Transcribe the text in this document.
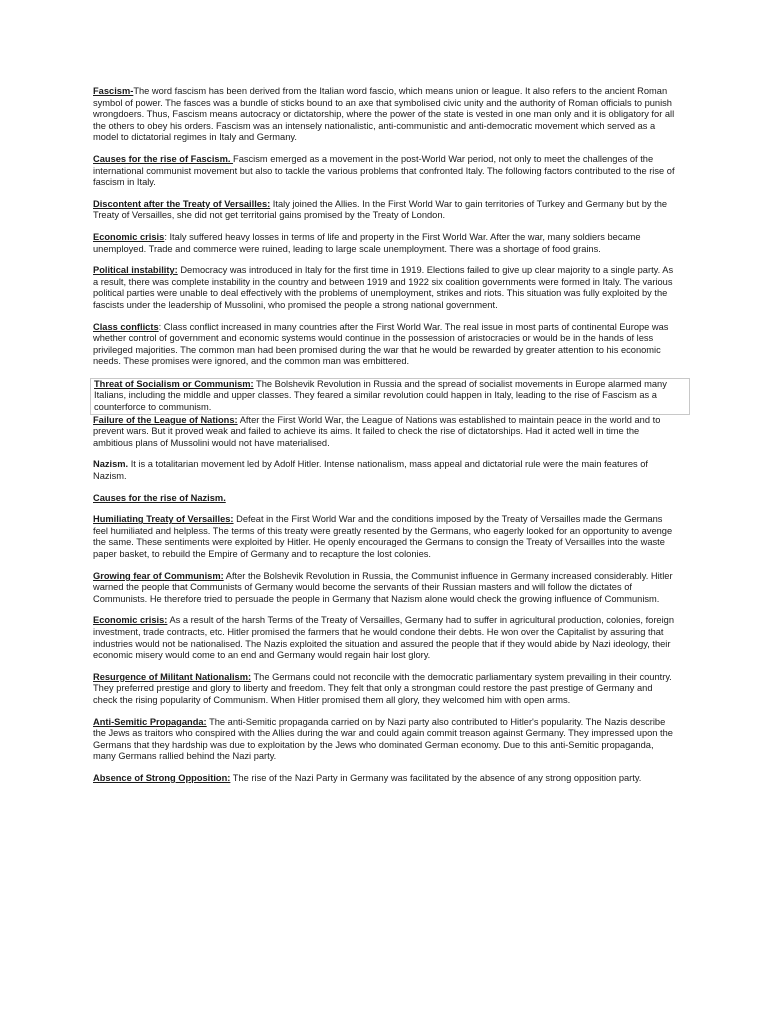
Fascism-The word fascism has been derived from the Italian word fascio, which means union or league. It also refers to the ancient Roman symbol of power. The fasces was a bundle of sticks bound to an axe that symbolised civic unity and the authority of Roman officials to punish wrongdoers. Thus, Fascism means autocracy or dictatorship, where the power of the state is vested in one man only and it is obligatory for all the others to obey his orders. Fascism was an intensely nationalistic, anti-communistic and anti-democratic movement which served as a model to dictatorial regimes in Italy and Germany.

Causes for the rise of Fascism. Fascism emerged as a movement in the post-World War period, not only to meet the challenges of the international communist movement but also to tackle the various problems that confronted Italy. The following factors contributed to the rise of fascism in Italy.

Discontent after the Treaty of Versailles: Italy joined the Allies. In the First World War to gain territories of Turkey and Germany but by the Treaty of Versailles, she did not get territorial gains promised by the Treaty of London.

Economic crisis: Italy suffered heavy losses in terms of life and property in the First World War. After the war, many soldiers became unemployed. Trade and commerce were ruined, leading to large scale unemployment. There was a shortage of food grains.

Political instability: Democracy was introduced in Italy for the first time in 1919. Elections failed to give up clear majority to a single party. As a result, there was complete instability in the country and between 1919 and 1922 six coalition governments were formed in Italy. The various political parties were unable to deal effectively with the problems of unemployment, strikes and riots. This situation was fully exploited by the fascists under the leadership of Mussolini, who promised the people a strong national government.

Class conflicts: Class conflict increased in many countries after the First World War. The real issue in most parts of continental Europe was whether control of government and economic systems would continue in the possession of aristocracies or would be in the hands of less privileged majorities. The common man had been promised during the war that he would be rewarded by greater attention to his economic needs. These promises were ignored, and the common man was embittered.

Threat of Socialism or Communism: The Bolshevik Revolution in Russia and the spread of socialist movements in Europe alarmed many Italians, including the middle and upper classes. They feared a similar revolution could happen in Italy, leading to the rise of Fascism as a counterforce to communism.

Failure of the League of Nations: After the First World War, the League of Nations was established to maintain peace in the world and to prevent wars. But it proved weak and failed to achieve its aims. It failed to check the rise of dictatorships. Had it acted well in time the ambitious plans of Mussolini would not have materialised.

Nazism. It is a totalitarian movement led by Adolf Hitler. Intense nationalism, mass appeal and dictatorial rule were the main features of Nazism.

Causes for the rise of Nazism.

Humiliating Treaty of Versailles: Defeat in the First World War and the conditions imposed by the Treaty of Versailles made the Germans feel humiliated and helpless. The terms of this treaty were greatly resented by the Germans, who eagerly looked for an opportunity to avenge the same. These sentiments were exploited by Hitler. He openly encouraged the Germans to consign the Treaty of Versailles into the waste paper basket, to rebuild the Empire of Germany and to recapture the lost colonies.

Growing fear of Communism: After the Bolshevik Revolution in Russia, the Communist influence in Germany increased considerably. Hitler warned the people that Communists of Germany would become the servants of their Russian masters and will follow the dictates of Communists. He therefore tried to persuade the people in Germany that Nazism alone would check the growing influence of Communism.

Economic crisis: As a result of the harsh Terms of the Treaty of Versailles, Germany had to suffer in agricultural production, colonies, foreign investment, trade contracts, etc. Hitler promised the farmers that he would condone their debts. He won over the Capitalist by assuring that industries would not be nationalised. The Nazis exploited the situation and assured the people that if they would abide by Nazi ideology, their economic misery would come to an end and Germany would regain hair lost glory.

Resurgence of Militant Nationalism: The Germans could not reconcile with the democratic parliamentary system prevailing in their country. They preferred prestige and glory to liberty and freedom. They felt that only a strongman could restore the past prestige of Germany and check the rising popularity of Communism. When Hitler promised them all glory, they welcomed him with open arms.

Anti-Semitic Propaganda: The anti-Semitic propaganda carried on by Nazi party also contributed to Hitler's popularity. The Nazis describe the Jews as traitors who conspired with the Allies during the war and could again commit treason against Germany. They impressed upon the Germans that they hardship was due to exploitation by the Jews who dominated German economy. Due to this anti-Semitic propaganda, many Germans rallied behind the Nazi party.

Absence of Strong Opposition: The rise of the Nazi Party in Germany was facilitated by the absence of any strong opposition party.
